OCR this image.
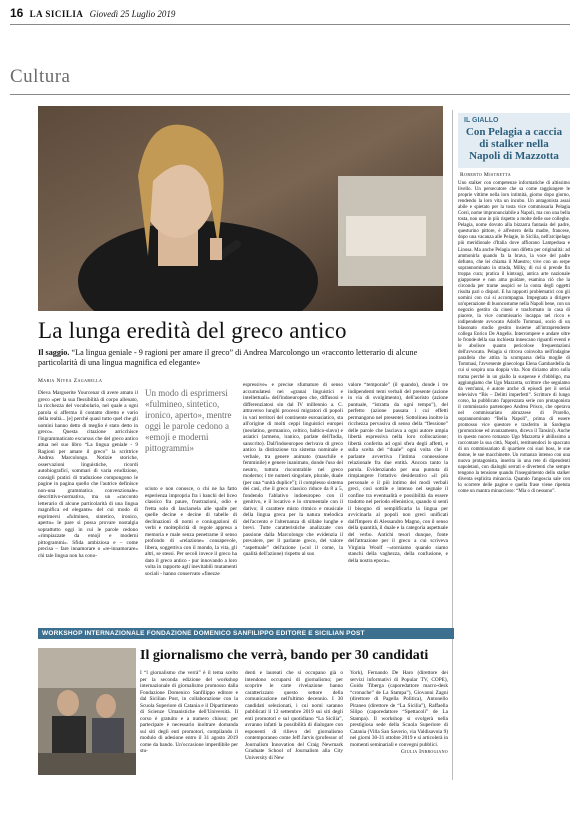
16 LA SICILIA Giovedì 25 Luglio 2019
Cultura
IL GIALLO
Con Pelagia a caccia di stalker nella Napoli di Mazzotta
Roberto Mistretta
Uno stalker con competenze informatiche di altissimo livello. Un persecutore che sa come raggiungere le proprie vittime nella loro intimità, giorno dopo giorno, rendendo la loro vita un incubo. Un antagonista assai abile e spietato per la tosta vice commissaria Pelagia Corsi, nome impronunciabile a Napoli, ma con una bella tosta, non uno in più rispetto a molte delle sue colleghe. Pelagia, nome dovuto alla bizzarra fantasia del padre, questurino pittore, è all'estero della madre, francese, dopo una vacanza alle Pelagie, in Sicilia, nell'arcipelago più meridionale d'Italia dove affiorano Lampedusa e Linosa. Ma anche Pelagia non difetta per originalità: ad ammonirla quando fa la brava, la voce del padre defunto, che lei chiama il Maestro; vive con un serpe soprannominato in strada, Milky, di cui si prende fin troppa cura; pratica il kintsugi, antica arte nazionale giapponese e non ama guidare, esamina ciò che la circonda per trarne auspici se la conta degli oggetti risulta pari o dispari. E ha rapporti problematici con gli uomini con cui si accompagna. Impegnata a dirigere un'operazione di buoncostume nella Napoli bene, con un negozio gestito da cinesi e trasformato in casa di piacere, la vice commissario incappa nel ricco e indipendente avvocato Adolfo Tommasi, socio di un blasonato studio gestito insieme all'intraprendente collega Enrico De Angelis. Interrompere e andare oltre le fronde della sua inchiesta innescano riguardi eventi e le abolisce quanto pericolose frequentazioni dell'avvocato. Pelagia si ritrova coinvolta nell'indagine parallela che attira la scomparsa della moglie di Tommasi, l'avvenente ginecologa Elena Gambardella da cui si sospira una doppia vita. Non diciamo altro sulla trama perché in un giallo la suspense è d'obbligo, ma aggiungiamo che Ugo Mazzotta, scrittore che seguiamo da vent'anni, è autore anche di episodi per il serial televisivo “Bis – Delitti imperfetti”. Scrittore di lungo corso, ha pubblicato l'apprezzata serie con protagonista il commissario partenopeo Andrea Prisco, che operava nel commissariato abruzzese di Prarello, soprannominato “Bella Napoli”, prima di essere promosso vice questore e trasferito in Sardegna (promozione ed avanzamento, diceva il Tansini). Anche in questo nuovo romanzo Ugo Mazzotta è abilissimo a raccontare la sua città, Napoli, restituendoci lo spaccato di un commissariato di quartiere coi suoi boss, le sue donne, le sue macchinette. Un romanzo intenso con una nuova protagonista, inserita in una rete di dipendenti napoletani, con dialoghi serrati e divertenti che sempre tengono la tensione quando l'inseguimento dello stalker diventa esplicita minaccia. Quando l'angoscia sale con lo scorrere delle pagine e quella frase viene ripetuta come un mantra minaccioso: “Mia o di nessuno”.
La lunga eredità del greco antico
Il saggio. “La lingua geniale - 9 ragioni per amare il greco” di Andrea Marcolongo un «racconto letterario di alcune particolarità di una lingua magnifica ed elegante»
Maria Nivea Zagarella
Dieva Marguerite Yourcenar di avere amato il greco «per la sua flessibilità di corpo allenato, la ricchezza del vocabolario, nel quale a ogni parola si afferma il contatto diretto e vario della realtà... [e] perché quasi tutto quel che gli uomini hanno detto di meglio è stato detto in greco». Questa citazione arricchisce l'ingrammaticato excursus che del greco antico attua nel suo libro “La lingua geniale - 9 Ragioni per amare il greco” la scrittrice Andrea Marcolongo. Notizie storiche, osservazioni linguistiche, ricordi autobiografici, sommari di varia erudizione, consigli pratici di traduzione compongono le pagine in pagina quello che l'autrice definisce non-una grammatica convenzionale» descrittivo-normativa, ma un «racconto letterario di alcune particolarità di una lingua magnifica ed elegante» del cui modo di esprimersi «fulmineo, sintetico, ironico, aperto» le pare si possa provare nostalgia soprattutto oggi in cui le parole cedono «rimpiazzate da emoji e moderni pittogrammi». Sfida ambiziosa e – come precisa – fare innamorare o «re-innamorare» chi tale lingua non ha cono-
Un modo di esprimersi «fulmineo, sintetico, ironico, aperto», mentre oggi le parole cedono a «emoji e moderni pittogrammi»
sciuto e non conosce, o chi ne ha fatto esperienza impropria fra i banchi del liceo classico fra paure, frustrazioni, odio e fretta solo di lasciarsela alle spalle per quelle decine e decine di tabelle di declinazioni di nomi e coniugazioni di verbi e molteplicità di regole appresa a memoria e male senza penetrarne il senso profondo di «relazione» consapevole, libera, soggettiva con il mondo, la vita, gli altri, se stessi. Per secoli invece il greco ha dato il greco antico - pur innovando a loro volta in rapporto agli inevitabili mutamenti sociali - hanno conservato «finezze
espressive» e precise sfumature di senso accumulatesi nei «granai linguistici e intellettuali» dell'indoeuropeo che, diffusosi e differenziatosi sin dal IV millennio a. C. attraverso lunghi processi migratori di popoli in vari territori del continente euroasiatico, sta all'origine di molti ceppi linguistici europei (neolatino, germanico, celtico, baltico-slavo) e asiatici (armeno, iranico, parlate dell'India, sanscrito). Dall'indoeuropeo derivava di greco antico la distinzione tra sistema nominale e verbale, tra genere animato (maschile e femminile) e genere inanimato, donde l'uso del neutro, tuttora riscontrabile nel greco moderno; i tre numeri singolare, plurale, duale (per una “unità duplice”); il complesso sistema dei casi, che il greco classico riduce da 8 a 5, fondendo l'ablativo indoeuropeo con il genitivo, e il locativo e lo strumentale con il dativo; il carattere misto ritmico e musicale della lingua greca per la natura melodica dell'accento e l'alternanza di sillabe lunghe e brevi. Tutte caratteristiche analizzate con passione dalla Marcolongo che evidenzia il prevalere, per il parlante greco, del valore “aspettuale” dell'azione («col il come, la qualità dell'azione) rispetto al suo
valore “temporale” (il quando), donde i tre indipendenti temi verbali del presente (azione in via di svolgimento), dell'aoristo (azione puntuale, “istratta da ogni tempo”), del perfetto (azione passata i cui effetti permangono nel presente). Sottolinea inoltre la ricchezza pervasiva di senso della “flessione” delle parole che lasciava a ogni autore ampia libertà espressiva nella loro collocazione; libertà conferita ad ogni sfera degli affetti, e sulla scelta del “duale” ogni volta che il parlante avvertiva l'intima connessione relazionale fra due entità. Ancora tanto la parola. Evidenziando per una puntuta di rimpiangere l'ottativo desiderativo «il più personale e il più intimo dei modi verbali greci, così sottile e intenso nel segnale il confine tra eventualità e possibilità da essere tradotto nel periodo ellenistico, quando si sentì il bisogno di semplificarla la lingua per avvicinarla ai popoli non greci unificati dall'Impero di Alessandro Magno, con il senso della quantità, il duale e la categoria aspettuale del verbo. Antichi tesori dunque, fonte dell'attrazione per il greco a cui scriveva Virginia Woolf –«torniamo quando siamo stanchi della vaghezza, della confusione, e della nostra epoca».
WORKSHOP INTERNAZIONALE FONDAZIONE DOMENICO SANFILIPPO EDITORE E SICILIAN POST
Il giornalismo che verrà, bando per 30 candidati
I “l giornalismo che verrà” è il tema scelto per la seconda edizione del workshop internazionale di giornalismo promosso dalla Fondazione Domenico Sanfilippo editore e dal Sicilian Post, in collaborazione con la Scuola Superiore di Catania e il Dipartimento di Scienze Umanistiche dell'Università. Il corso è gratuito e a numero chiuso; per partecipare è necessario inoltrare domanda sui siti degli enti promotori, compilando il modulo di adesione entro il 31 agosto 2019 come da bando. Un'occasione imperdibile per stu-
denti e laureati che si occupano già o intendono occuparsi di giornalismo; per scoprire le carte rivelazione hanno caratterizzato questo settore della comunicazione nell'ultimo decennio. I 30 candidati selezionati, i cui nomi saranno pubblicati il 12 settembre 2019 sui siti degli enti promotori e sul quotidiano “La Sicilia”, avranno infatti la possibilità di dialogare con esponenti di rilievo del giornalismo contemporaneo come Jeff Jarvis (professor of Journalism Innovation del Craig Newmark Graduate School of Journalism alla City University di New
York), Fernando De Haro (direttore dei servizi informativi di Popular TV, COPE), Guido Tiberga (caporedattore macro-desk “cronache” de La Stampa”), Giovanni Zagni (direttore di Pagella Politica), Antonello Piraneo (direttore de “La Sicilia”), Raffaella Silipo (caporedattore “Spettacoli” de La Stampa). Il workshop si svolgerà nella prestigiosa sede della Scuola Superiore di Catania (Villa San Saverio, via Valdisavoia 9) nei giorni 30-31 ottobre 2019 e si articolerà in momenti seminariali e convegni pubblici.
Giulia Inbrogiano
